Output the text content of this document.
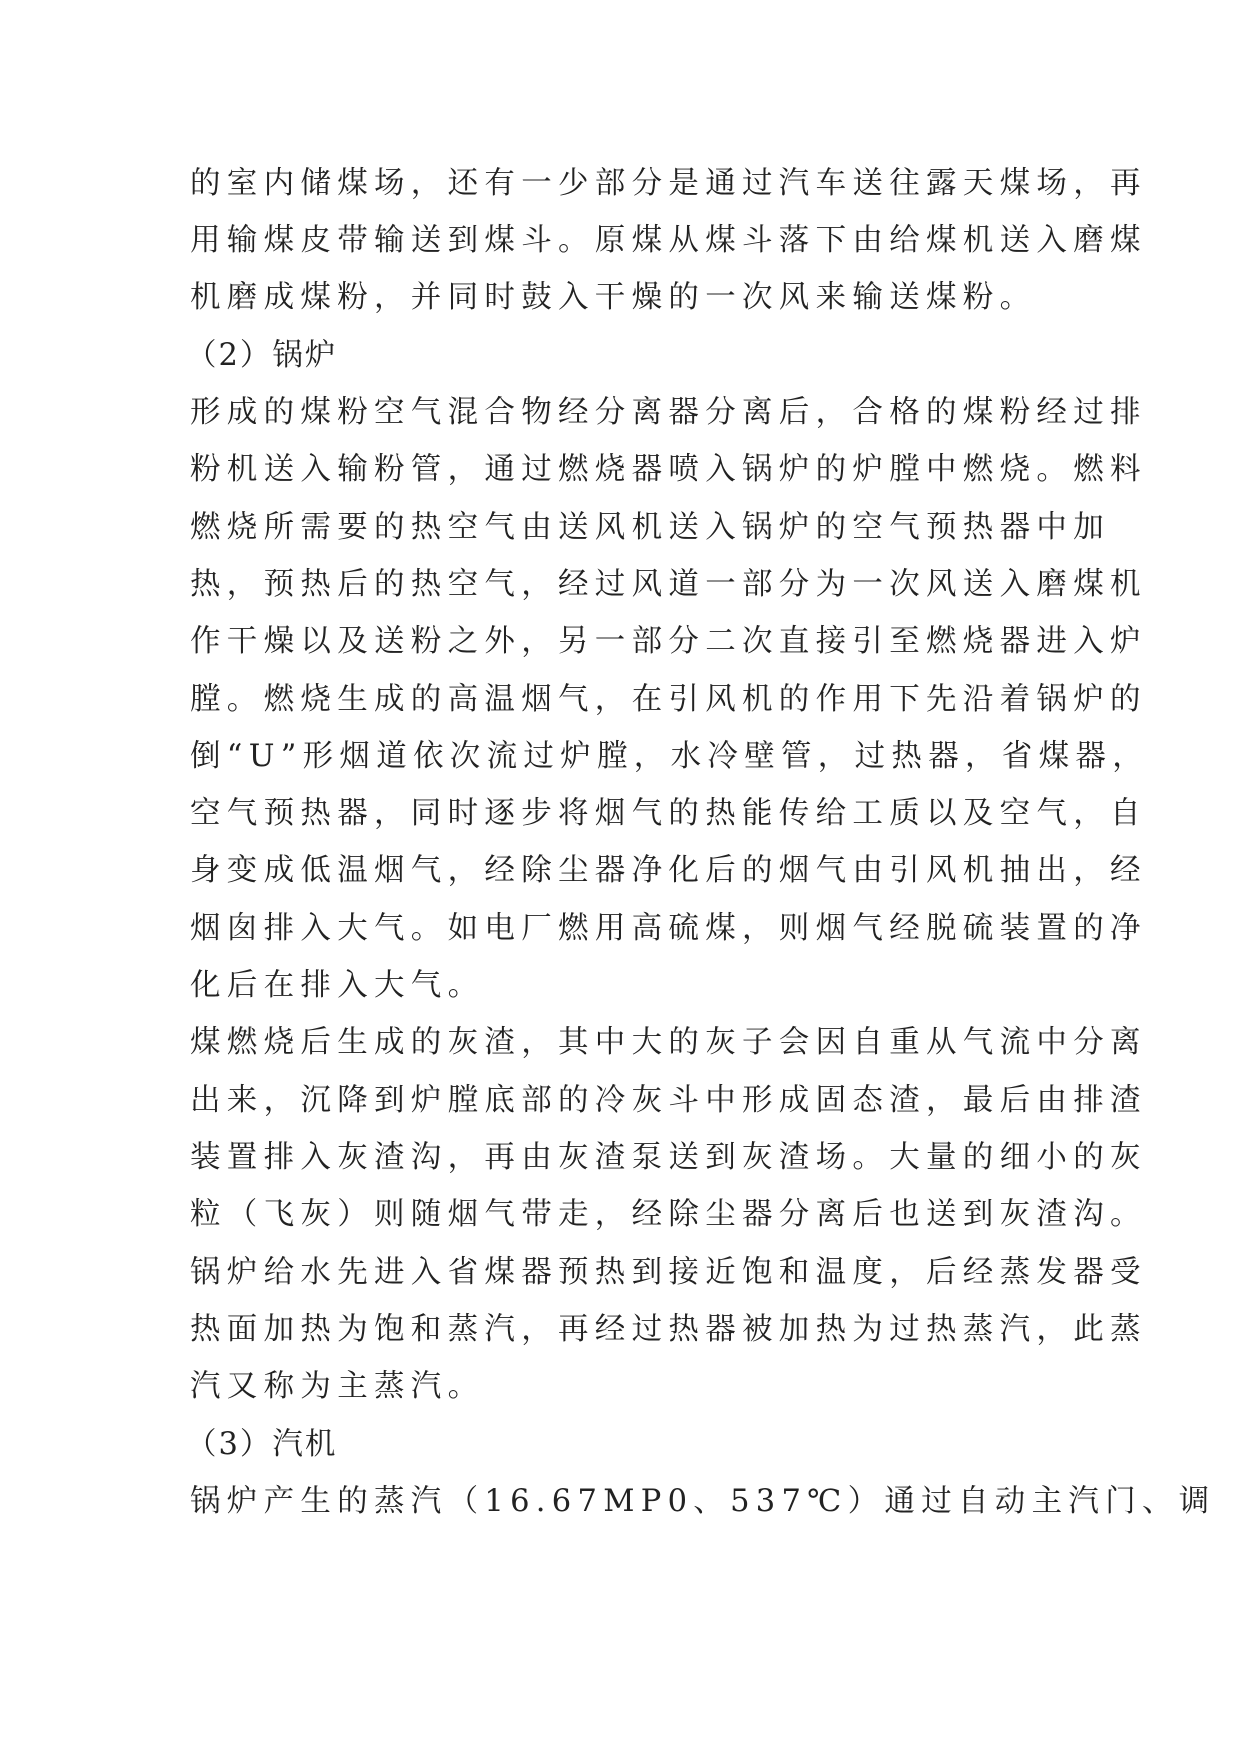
的室内储煤场，还有一少部分是通过汽车送往露天煤场，再
用输煤皮带输送到煤斗。原煤从煤斗落下由给煤机送入磨煤
机磨成煤粉，并同时鼓入干燥的一次风来输送煤粉。
（2）锅炉
形成的煤粉空气混合物经分离器分离后，合格的煤粉经过排
粉机送入输粉管，通过燃烧器喷入锅炉的炉膛中燃烧。燃料
燃烧所需要的热空气由送风机送入锅炉的空气预热器中加
热，预热后的热空气，经过风道一部分为一次风送入磨煤机
作干燥以及送粉之外，另一部分二次直接引至燃烧器进入炉
膛。燃烧生成的高温烟气，在引风机的作用下先沿着锅炉的
倒“U”形烟道依次流过炉膛，水冷壁管，过热器，省煤器，
空气预热器，同时逐步将烟气的热能传给工质以及空气，自
身变成低温烟气，经除尘器净化后的烟气由引风机抽出，经
烟囱排入大气。如电厂燃用高硫煤，则烟气经脱硫装置的净
化后在排入大气。
煤燃烧后生成的灰渣，其中大的灰子会因自重从气流中分离
出来，沉降到炉膛底部的冷灰斗中形成固态渣，最后由排渣
装置排入灰渣沟，再由灰渣泵送到灰渣场。大量的细小的灰
粒（飞灰）则随烟气带走，经除尘器分离后也送到灰渣沟。
锅炉给水先进入省煤器预热到接近饱和温度，后经蒸发器受
热面加热为饱和蒸汽，再经过热器被加热为过热蒸汽，此蒸
汽又称为主蒸汽。
（3）汽机
锅炉产生的蒸汽（16.67MP0、537℃）通过自动主汽门、调
